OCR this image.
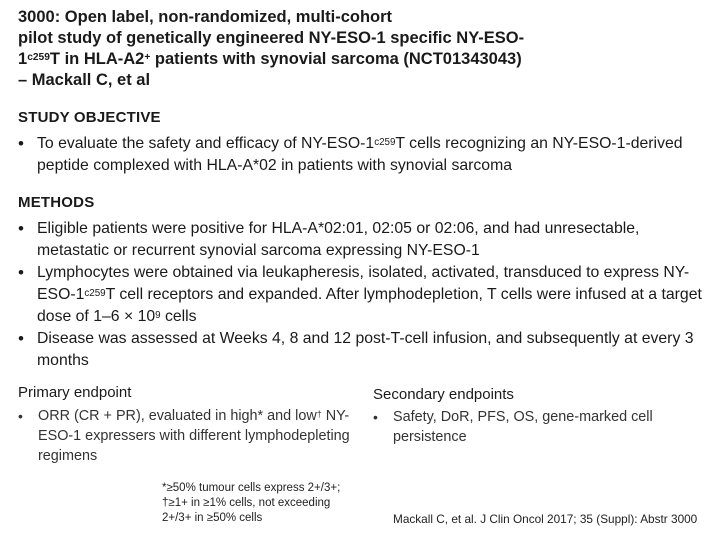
3000: Open label, non-randomized, multi-cohort

pilot study of genetically engineered NY-ESO-1 specific NY-ESO-

$1^{c259}T$ in HLA-A2+ patients with synovial sarcoma (NCT01343043)

– Mackall C, et al

STUDY OBJECTIVE
• To evaluate the safety and efficacy of $NY-ESO-1^{c259}T$ cells recognizing an NY-ESO-1-derived peptide complexed with HLA-A*02 in patients with synovial sarcoma
METHODS
• Eligible patients were positive for HLA-A*02:01, 02:05 or 02:06, and had unresectable, metastatic or recurrent synovial sarcoma expressing NY-ESO-1
• Lymphocytes were obtained via leukapheresis, isolated, activated, transduced to express $NY-ESO-1^{c259}T$ cell receptors and expanded. After lymphodepletion, T cells were infused at a target dose of $1-6 \times 10^9$ cells
• Disease was assessed at Weeks 4, 8 and 12 post-T-cell infusion, and subsequently at every 3 months
Primary endpoint
•	ORR (CR + PR), evaluated in high* and low† NY-ESO-1 expressers with different lymphodepleting regimens
Secondary endpoints
•	Safety, DoR, PFS, OS, gene-marked cell persistence

*≥50% tumour cells express 2+/3+;

†≥1+ in ≥1% cells, not exceeding

2+/3+ in ≥50% cells	Mackall C, et al. J Clin Oncol 2017; 35 (Suppl): Abstr 3000
